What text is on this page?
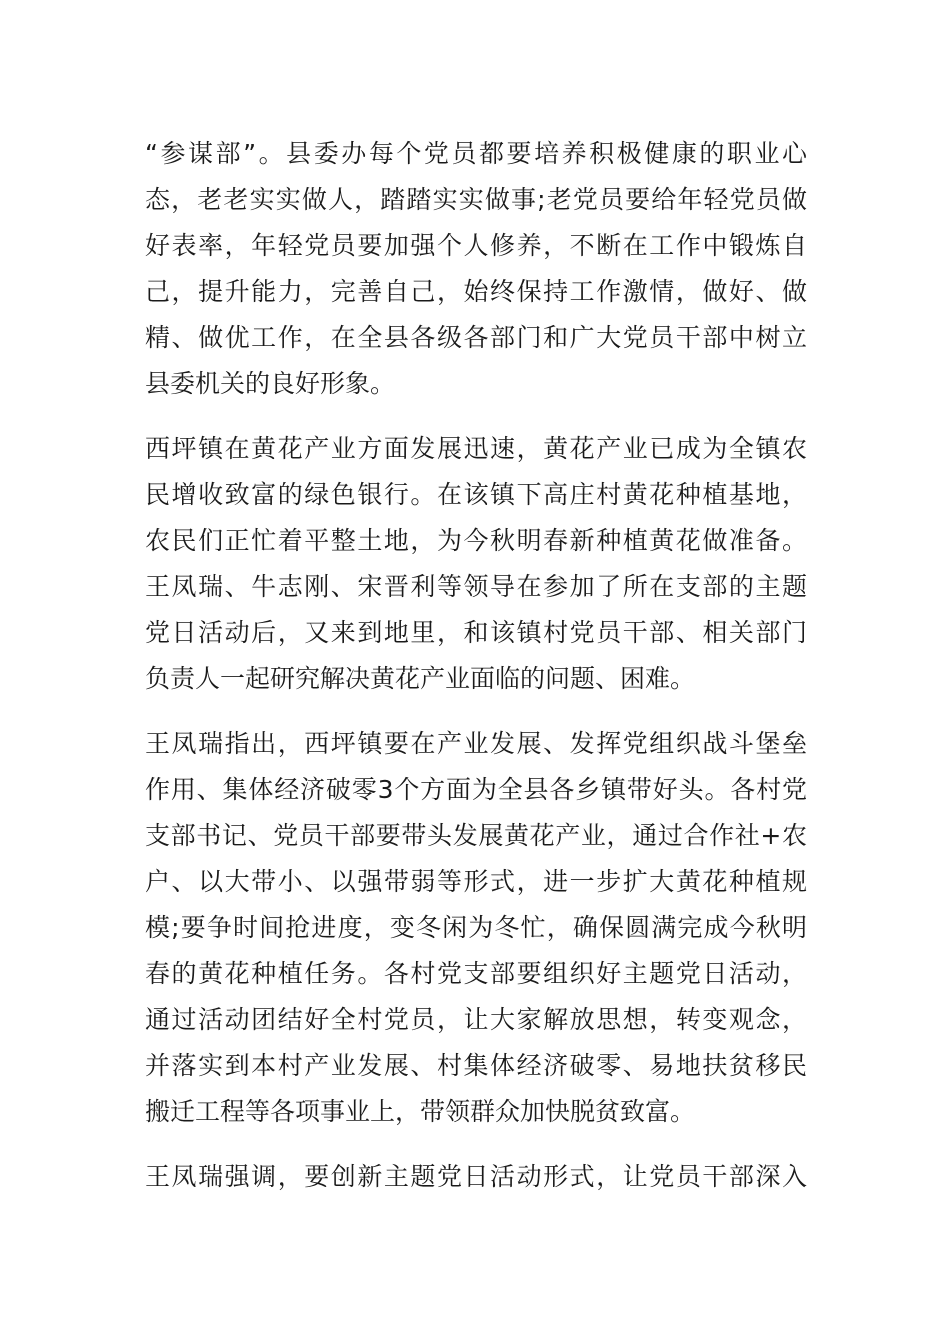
“参谋部”。县委办每个党员都要培养积极健康的职业心
态，老老实实做人，踏踏实实做事;老党员要给年轻党员做
好表率，年轻党员要加强个人修养，不断在工作中锻炼自
己，提升能力，完善自己，始终保持工作激情，做好、做
精、做优工作，在全县各级各部门和广大党员干部中树立
县委机关的良好形象。
西坪镇在黄花产业方面发展迅速，黄花产业已成为全镇农
民增收致富的绿色银行。在该镇下高庄村黄花种植基地，
农民们正忙着平整土地，为今秋明春新种植黄花做准备。
王凤瑞、牛志刚、宋晋利等领导在参加了所在支部的主题
党日活动后，又来到地里，和该镇村党员干部、相关部门
负责人一起研究解决黄花产业面临的问题、困难。
王凤瑞指出，西坪镇要在产业发展、发挥党组织战斗堡垒
作用、集体经济破零3个方面为全县各乡镇带好头。各村党
支部书记、党员干部要带头发展黄花产业，通过合作社+农
户、以大带小、以强带弱等形式，进一步扩大黄花种植规
模;要争时间抢进度，变冬闲为冬忙，确保圆满完成今秋明
春的黄花种植任务。各村党支部要组织好主题党日活动，
通过活动团结好全村党员，让大家解放思想，转变观念，
并落实到本村产业发展、村集体经济破零、易地扶贫移民
搬迁工程等各项事业上，带领群众加快脱贫致富。
王凤瑞强调，要创新主题党日活动形式，让党员干部深入
